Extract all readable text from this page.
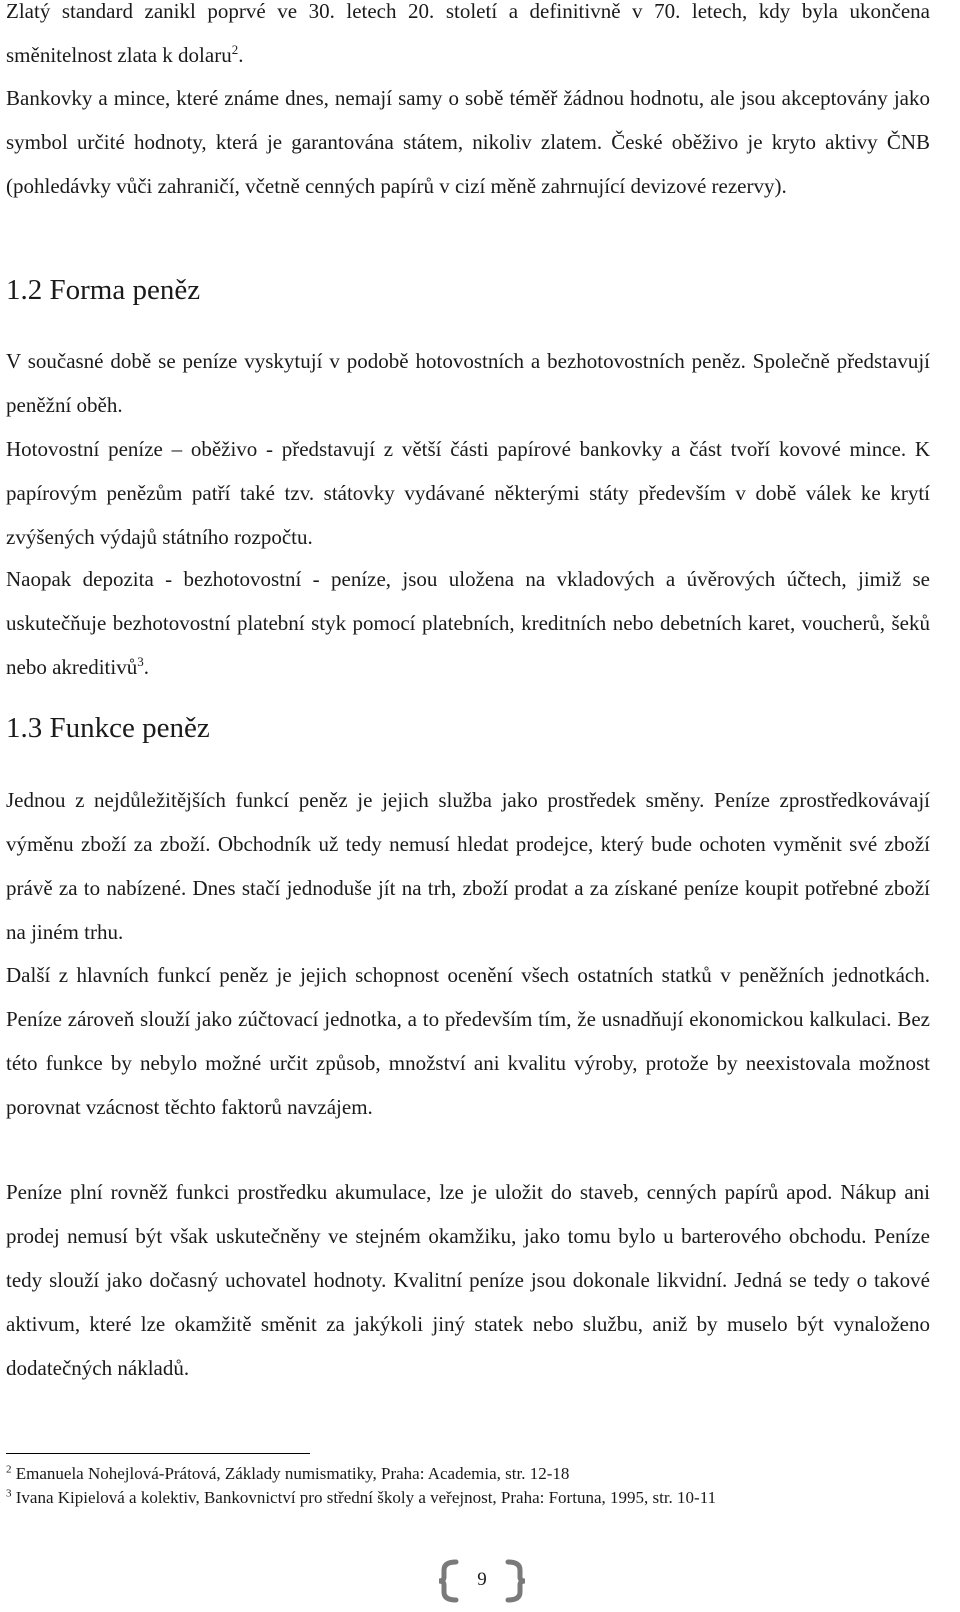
Zlatý standard zanikl poprvé ve 30. letech 20. století a definitivně v 70. letech, kdy byla ukončena směnitelnost zlata k dolaru$^2$.

Bankovky a mince, které známe dnes, nemají samy o sobě téměř žádnou hodnotu, ale jsou akceptovány jako symbol určité hodnoty, která je garantována státem, nikoliv zlatem. České oběživo je kryto aktivy ČNB (pohledávky vůči zahraničí, včetně cenných papírů v cizí měně zahrnující devizové rezervy).

1.2 Forma peněz

V současné době se peníze vyskytují v podobě hotovostních a bezhotovostních peněz. Společně představují peněžní oběh.

Hotovostní peníze – oběživo - představují z větší části papírové bankovky a část tvoří kovové mince. K papírovým penězům patří také tzv. státovky vydávané některými státy především v době válek ke krytí zvýšených výdajů státního rozpočtu.

Naopak depozita - bezhotovostní - peníze, jsou uložena na vkladových a úvěrových účtech, jimiž se uskutečňuje bezhotovostní platební styk pomocí platebních, kreditních nebo debetních karet, voucherů, šeků nebo akreditivů$^3$.

1.3 Funkce peněz

Jednou z nejdůležitějších funkcí peněz je jejich služba jako prostředek směny. Peníze zprostředkovávají výměnu zboží za zboží. Obchodník už tedy nemusí hledat prodejce, který bude ochoten vyměnit své zboží právě za to nabízené. Dnes stačí jednoduše jít na trh, zboží prodat a za získané peníze koupit potřebné zboží na jiném trhu.

Další z hlavních funkcí peněz je jejich schopnost ocenění všech ostatních statků v peněžních jednotkách. Peníze zároveň slouží jako zúčtovací jednotka, a to především tím, že usnadňují ekonomickou kalkulaci. Bez této funkce by nebylo možné určit způsob, množství ani kvalitu výroby, protože by neexistovala možnost porovnat vzácnost těchto faktorů navzájem.

Peníze plní rovněž funkci prostředku akumulace, lze je uložit do staveb, cenných papírů apod. Nákup ani prodej nemusí být však uskutečněny ve stejném okamžiku, jako tomu bylo u barterového obchodu. Peníze tedy slouží jako dočasný uchovatel hodnoty. Kvalitní peníze jsou dokonale likvidní. Jedná se tedy o takové aktivum, které lze okamžitě směnit za jakýkoli jiný statek nebo službu, aniž by muselo být vynaloženo dodatečných nákladů.

$^2$ Emanuela Nohejlová-Prátová, Základy numismatiky, Praha: Academia, str. 12-18

$^3$ Ivana Kipielová a kolektiv, Bankovnictví pro střední školy a veřejnost, Praha: Fortuna, 1995, str. 10-11

9
